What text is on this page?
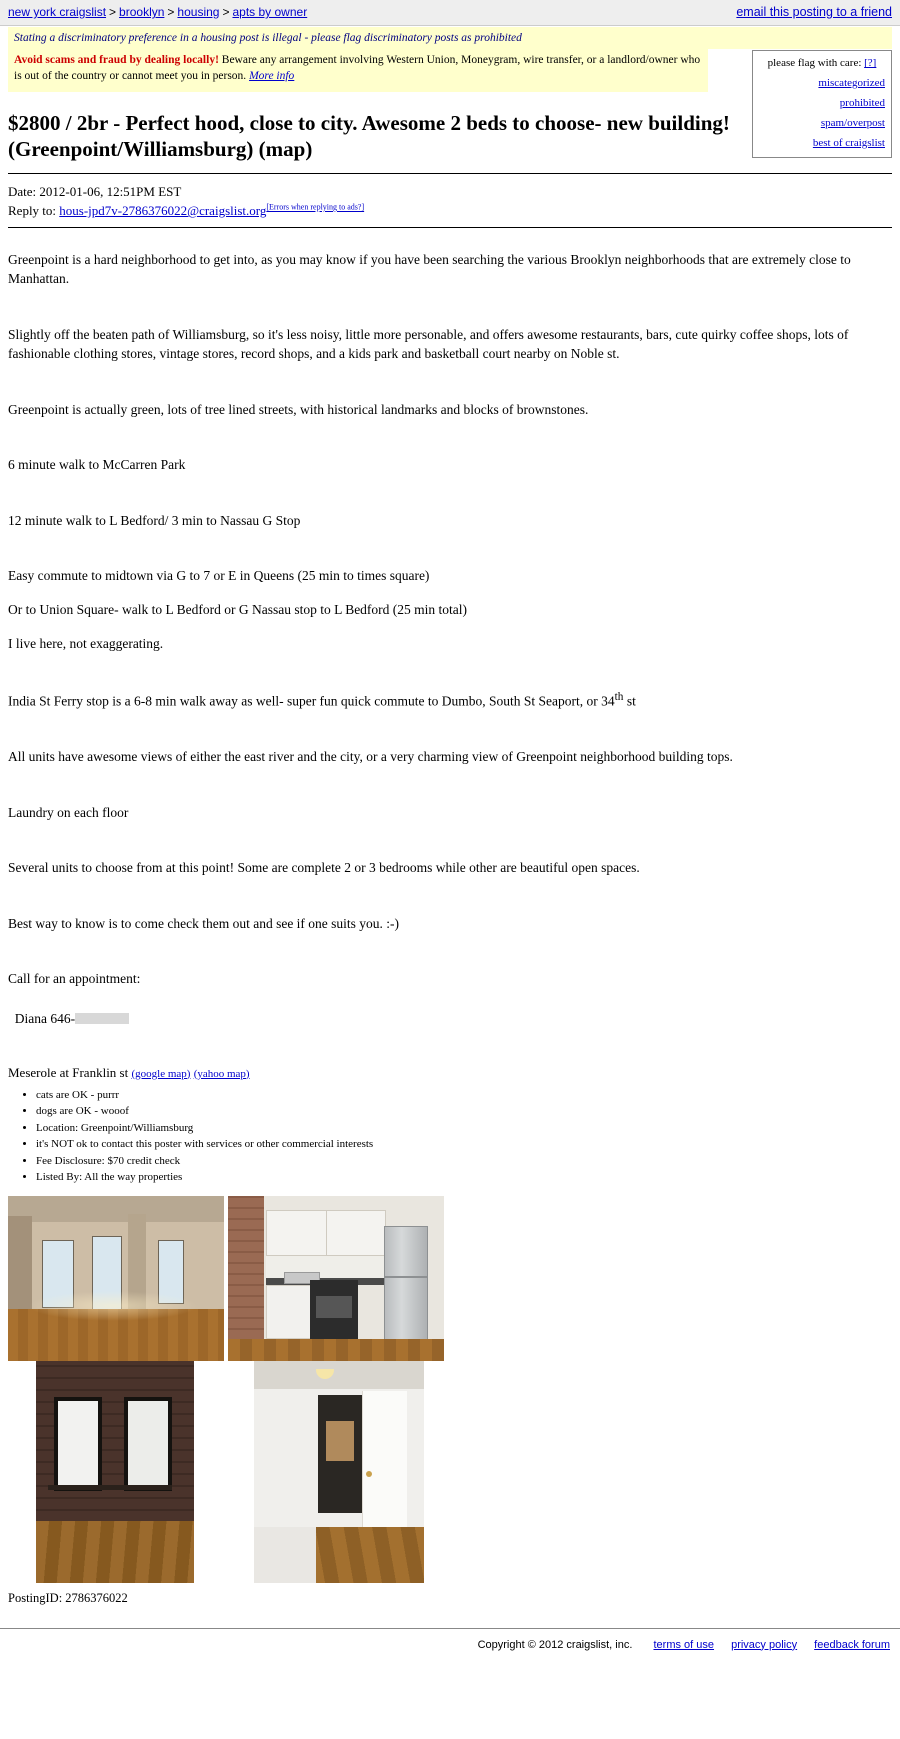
new york craigslist > brooklyn > housing > apts by owner	email this posting to a friend
please flag with care: [?]
miscategorized
prohibited
spam/overpost
best of craigslist
Stating a discriminatory preference in a housing post is illegal - please flag discriminatory posts as prohibited
Avoid scams and fraud by dealing locally! Beware any arrangement involving Western Union, Moneygram, wire transfer, or a landlord/owner who is out of the country or cannot meet you in person. More info
$2800 / 2br - Perfect hood, close to city. Awesome 2 beds to choose- new building! (Greenpoint/Williamsburg) (map)
Date: 2012-01-06, 12:51PM EST
Reply to: hous-jpd7v-2786376022@craigslist.org[Errors when replying to ads?]

Greenpoint is a hard neighborhood to get into, as you may know if you have been searching the various Brooklyn neighborhoods that are extremely close to Manhattan.

Slightly off the beaten path of Williamsburg, so it's less noisy, little more personable, and offers awesome restaurants, bars, cute quirky coffee shops, lots of fashionable clothing stores, vintage stores, record shops, and a kids park and basketball court nearby on Noble st.

Greenpoint is actually green, lots of tree lined streets, with historical landmarks and blocks of brownstones.

6 minute walk to McCarren Park

12 minute walk to L Bedford/ 3 min to Nassau G Stop

Easy commute to midtown via G to 7 or E in Queens (25 min to times square)

Or to Union Square- walk to L Bedford or G Nassau stop to L Bedford (25 min total)

I live here, not exaggerating.

India St Ferry stop is a 6-8 min walk away as well- super fun quick commute to Dumbo, South St Seaport, or 34th st

All units have awesome views of either the east river and the city, or a very charming view of Greenpoint neighborhood building tops.

Laundry on each floor

Several units to choose from at this point! Some are complete 2 or 3 bedrooms while other are beautiful open spaces.

Best way to know is to come check them out and see if one suits you. :-)

Call for an appointment:

Diana 646-

Meserole at Franklin st (google map) (yahoo map)
• cats are OK - purrr
• dogs are OK - wooof
• Location: Greenpoint/Williamsburg
• it's NOT ok to contact this poster with services or other commercial interests
• Fee Disclosure: $70 credit check
• Listed By: All the way properties
PostingID: 2786376022
Copyright © 2012 craigslist, inc. terms of use privacy policy feedback forum
